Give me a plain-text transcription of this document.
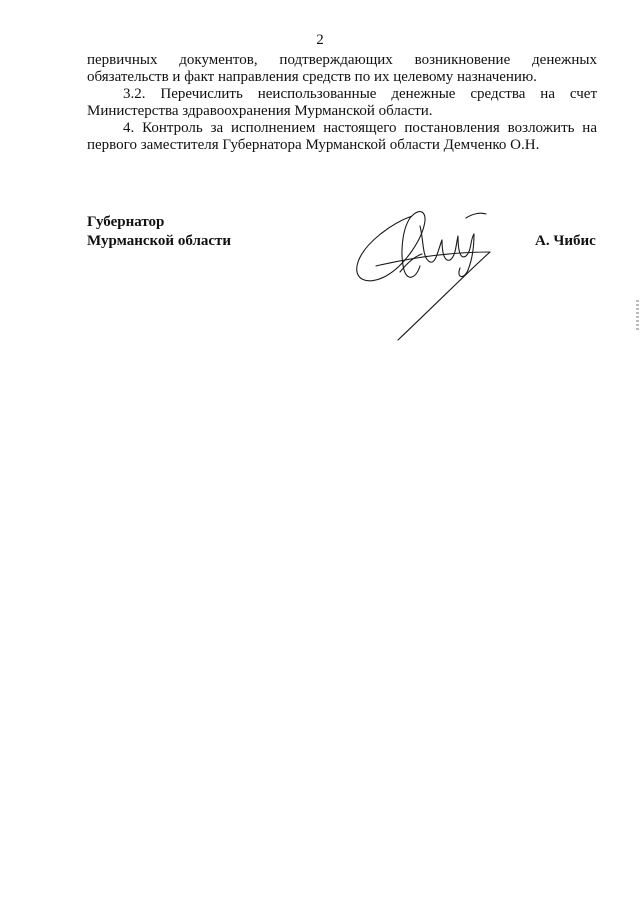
2

первичных документов, подтверждающих возникновение денежных обязательств и факт направления средств по их целевому назначению.

3.2. Перечислить неиспользованные денежные средства на счет Министерства здравоохранения Мурманской области.

4. Контроль за исполнением настоящего постановления возложить на первого заместителя Губернатора Мурманской области Демченко О.Н.

Губернатор
Мурманской области	А. Чибис
